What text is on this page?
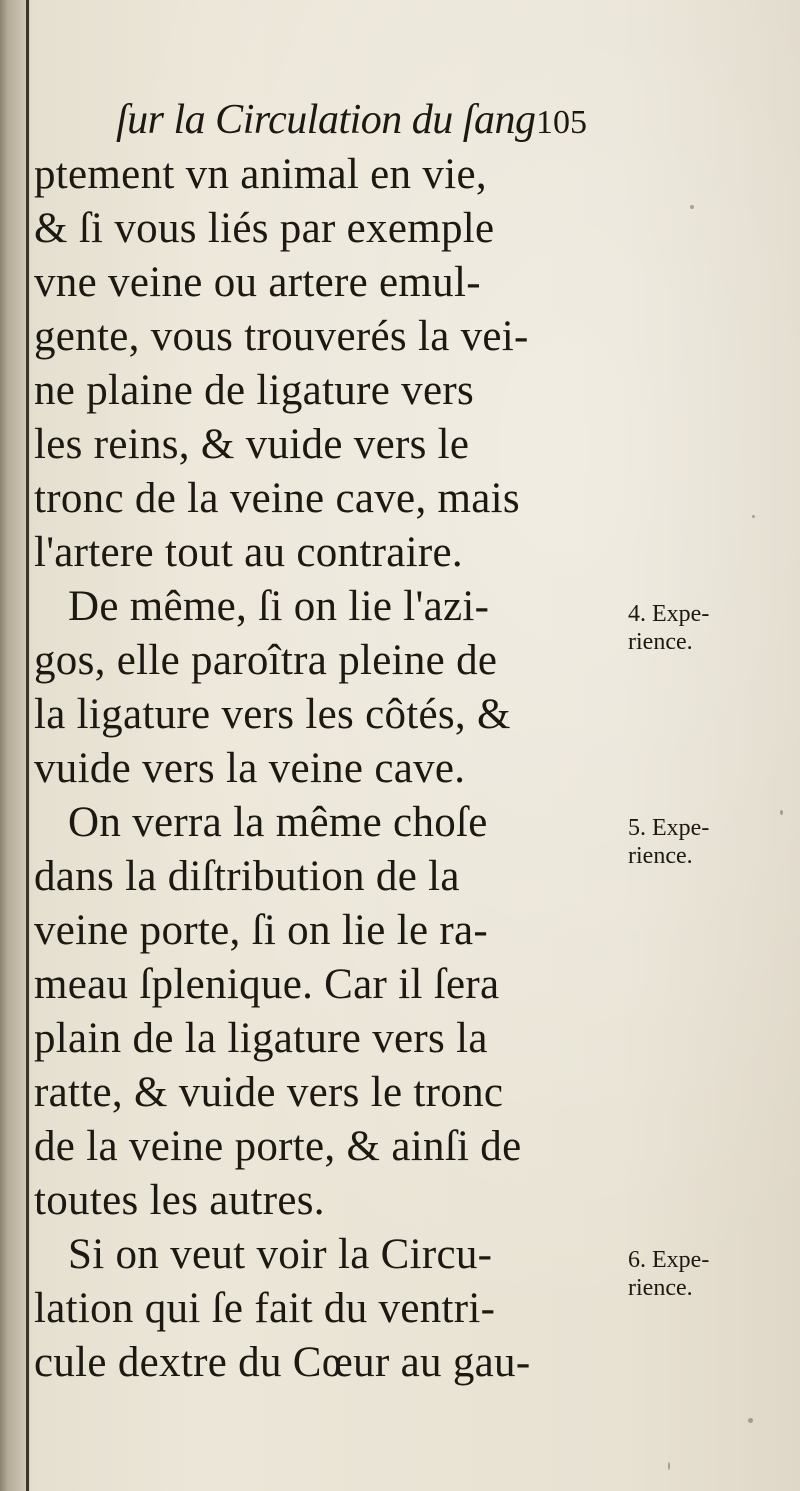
ſur la Circulation du ſang 105
ptement vn animal en vie,
& ſi vous liés par exemple
vne veine ou artere emul-
gente, vous trouverés la vei-
ne plaine de ligature vers
les reins, & vuide vers le
tronc de la veine cave, mais
l'artere tout au contraire.
De même, ſi on lie l'azi-
gos, elle paroîtra pleine de
la ligature vers les côtés, &
vuide vers la veine cave.
On verra la même choſe
dans la diſtribution de la
veine porte, ſi on lie le ra-
meau ſplenique. Car il ſera
plain de la ligature vers la
ratte, & vuide vers le tronc
de la veine porte, & ainſi de
toutes les autres.
Si on veut voir la Circu-
lation qui ſe fait du ventri-
cule dextre du Cœur au gau-
4. Expe-
rience.
5. Expe-
rience.
6. Expe-
rience.
